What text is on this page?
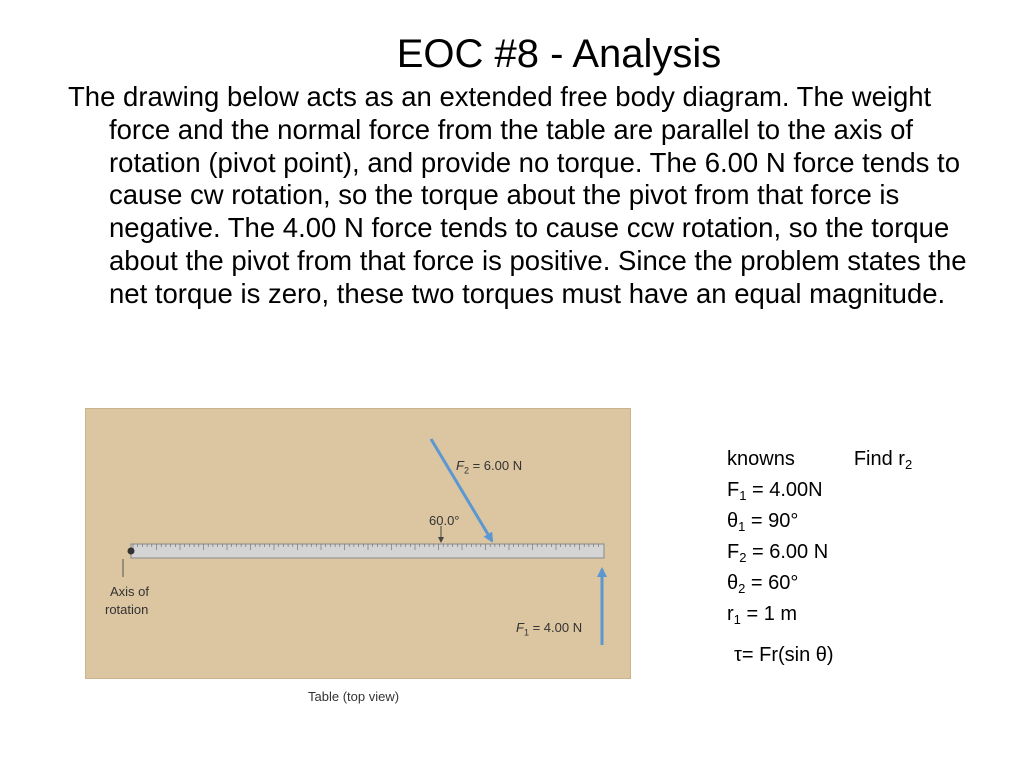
EOC #8 - Analysis

The drawing below acts as an extended free body diagram. The weight force and the normal force from the table are parallel to the axis of rotation (pivot point), and provide no torque. The 6.00 N force tends to cause cw rotation, so the torque about the pivot from that force is negative. The 4.00 N force tends to cause ccw rotation, so the torque about the pivot from that force is positive. Since the problem states the net torque is zero, these two torques must have an equal magnitude.

$F_2 = 6.00$ N
60.0°
$F_1 = 4.00$ N
Axis of
rotation
Table (top view)
knowns	Find $r_2$
$F_1 = 4.00N$
$\theta_1 = 90^\circ$
$F_2 = 6.00$ N
$\theta_2 = 60^\circ$
$r_1 = 1$ m
τ= Fr(sin θ)
